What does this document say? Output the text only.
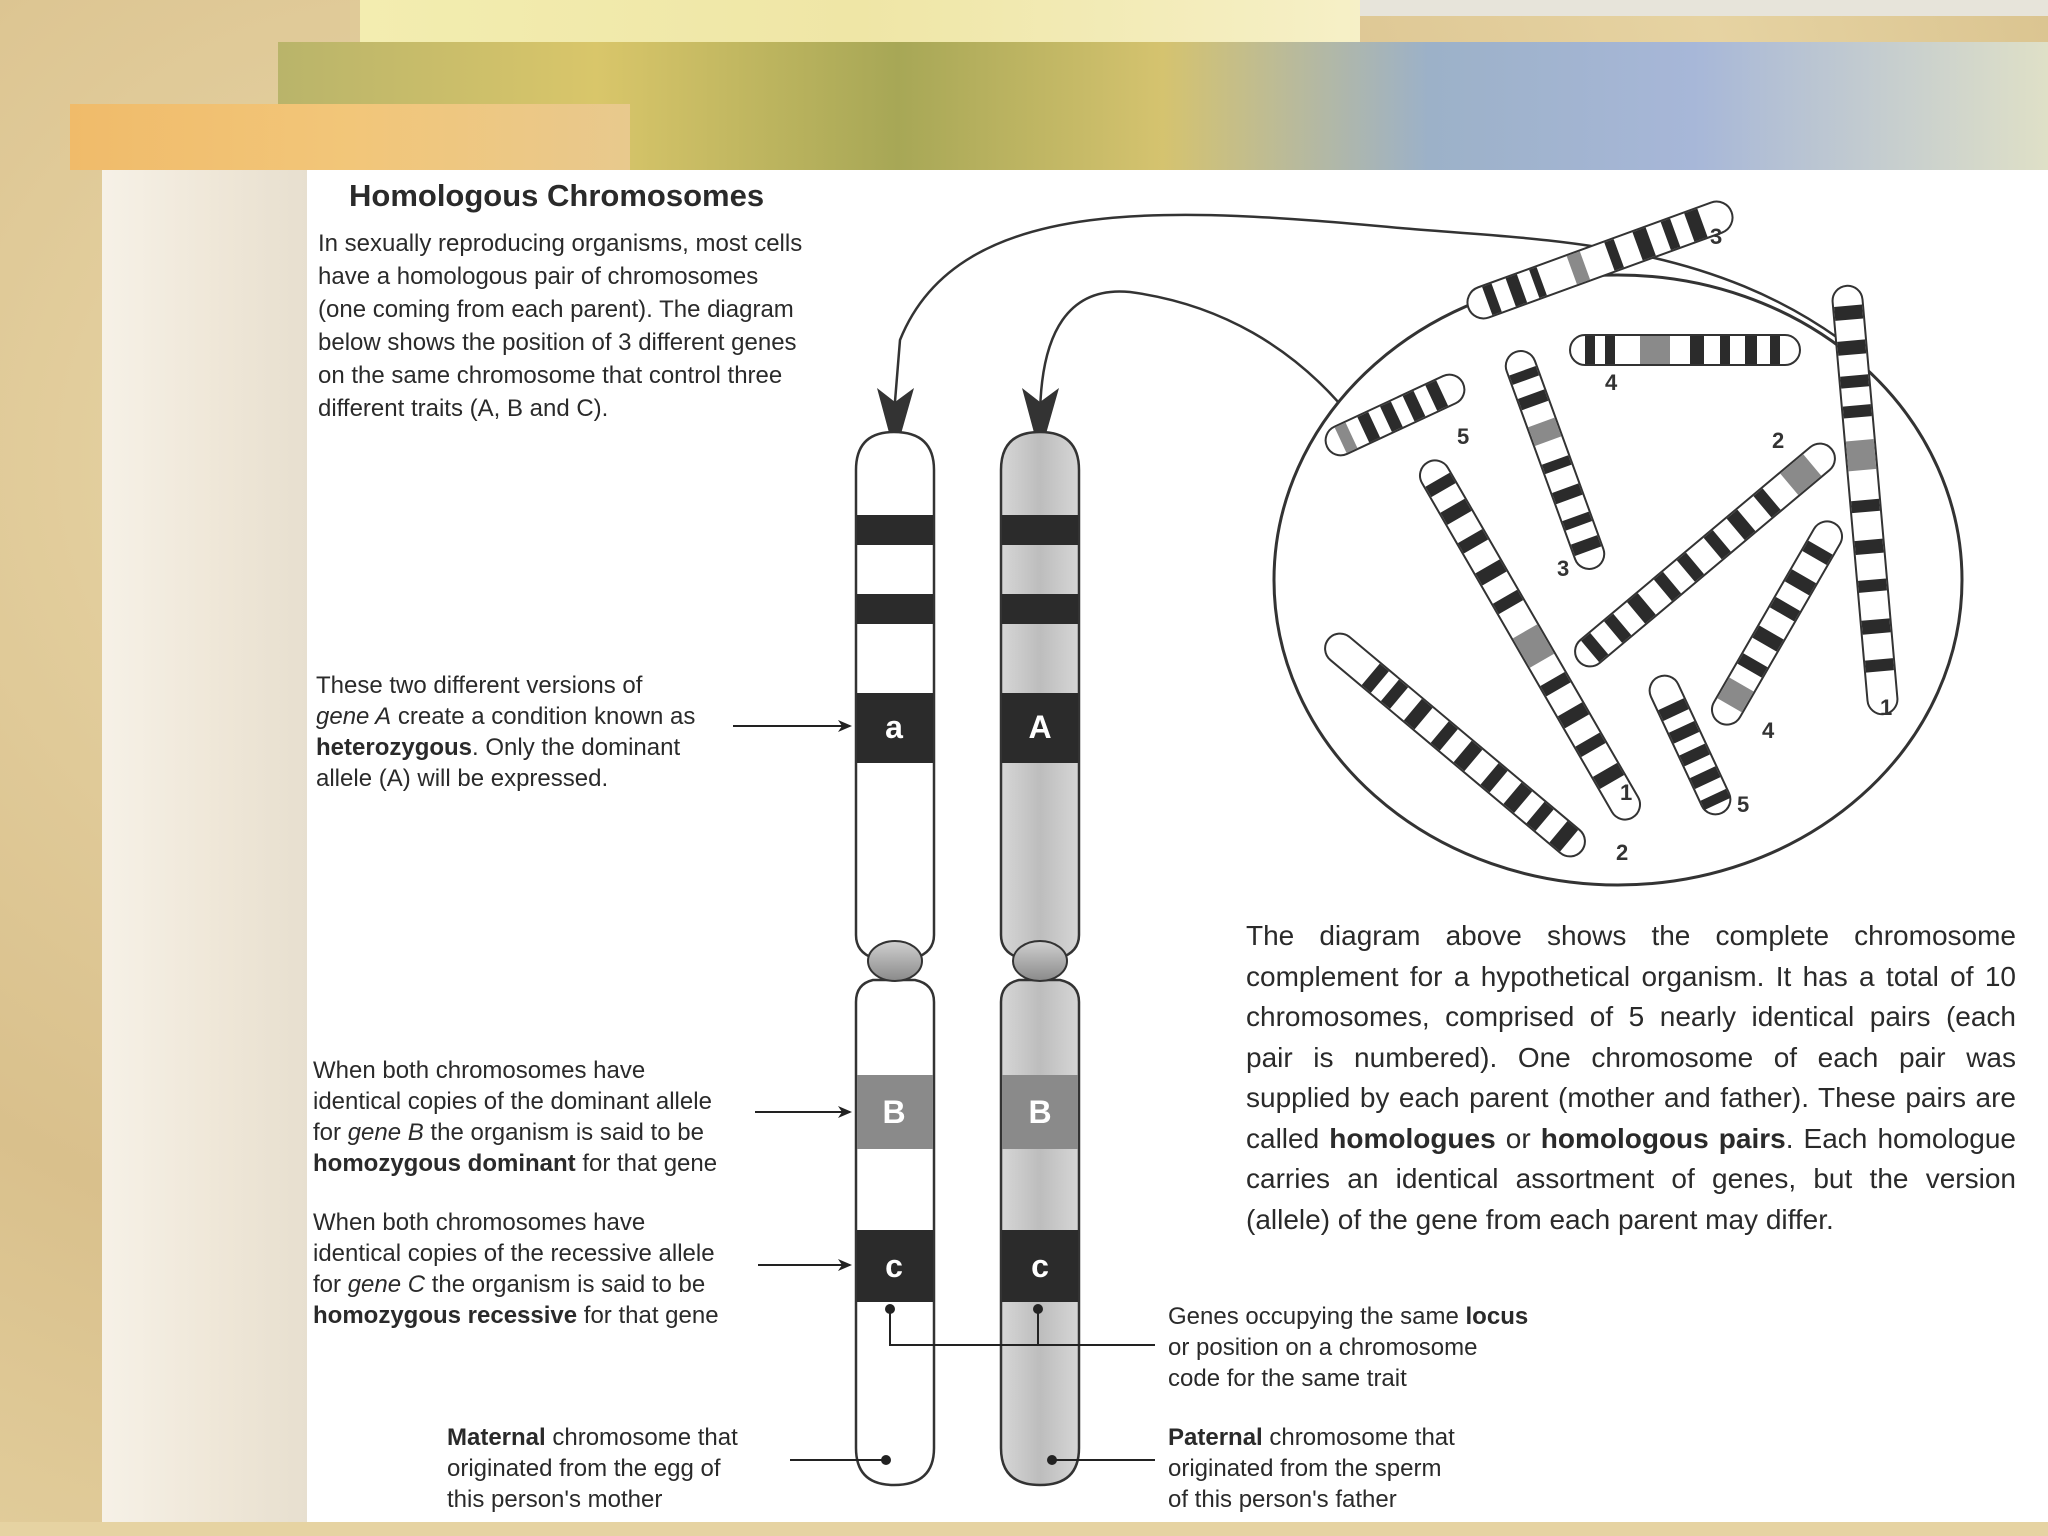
Homologous Chromosomes
In sexually reproducing organisms, most cells
have a homologous pair of chromosomes
(one coming from each parent). The diagram
below shows the position of 3 different genes
on the same chromosome that control three
different traits (A, B and C).
These two different versions of
gene A create a condition known as
heterozygous. Only the dominant
allele (A) will be expressed.
When both chromosomes have
identical copies of the dominant allele
for gene B the organism is said to be
homozygous dominant for that gene
When both chromosomes have
identical copies of the recessive allele
for gene C the organism is said to be
homozygous recessive for that gene	Genes occupying the same locus
or position on a chromosome
code for the same trait
Maternal chromosome that
originated from the egg of
this person's mother
Paternal chromosome that
originated from the sperm
of this person's father
The diagram above shows the complete chromosome complement for a hypothetical organism. It has a total of 10 chromosomes, comprised of 5 nearly identical pairs (each pair is numbered). One chromosome of each pair was supplied by each parent (mother and father). These pairs are called homologues or homologous pairs. Each homologue carries an identical assortment of genes, but the version (allele) of the gene from each parent may differ.
a
B
c
A
B
c
3
4
5
3
1
2
1
2
4
5
